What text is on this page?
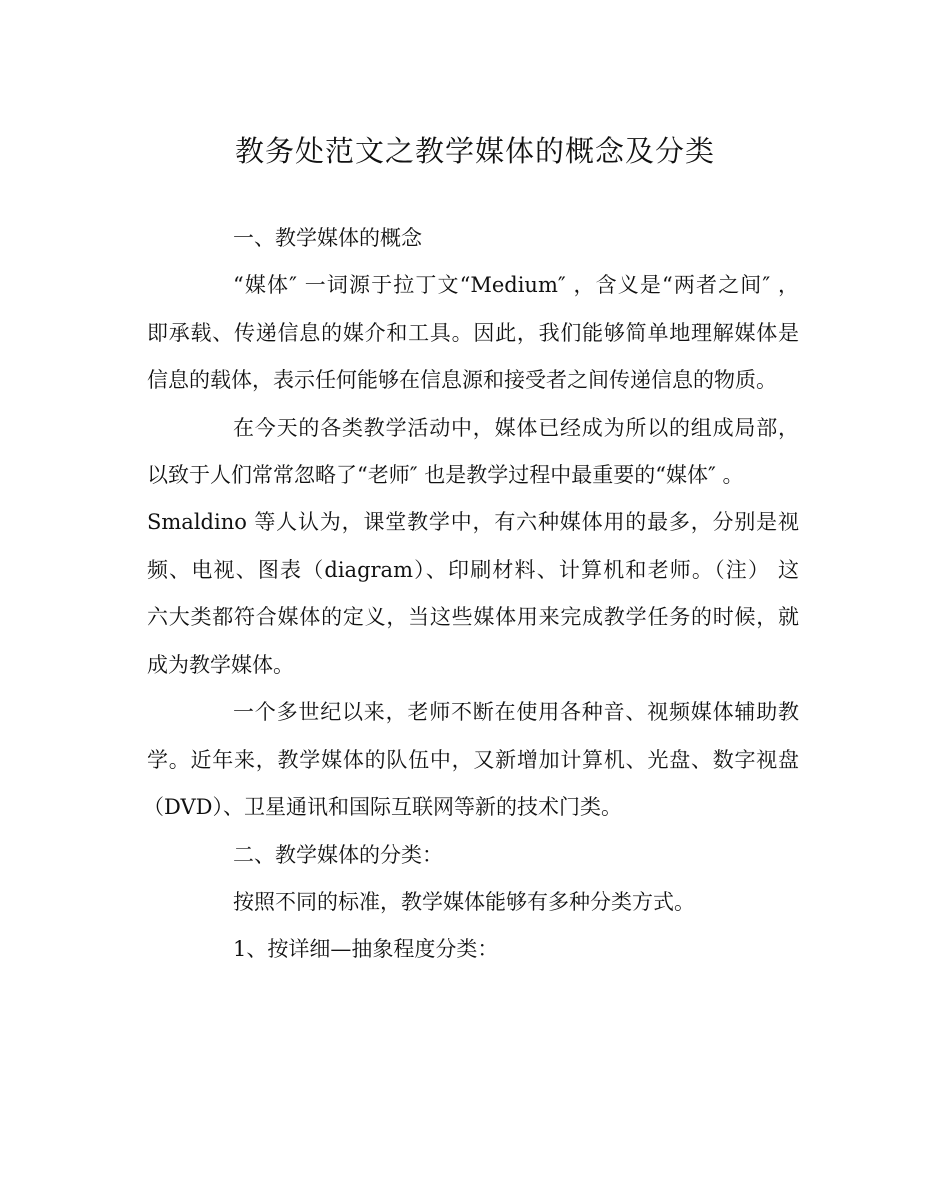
教务处范文之教学媒体的概念及分类
一、教学媒体的概念
“媒体″ 一词源于拉丁文“Medium″ ，含义是“两者之间″ ，
即承载、传递信息的媒介和工具。因此，我们能够简单地理解媒体是
信息的载体，表示任何能够在信息源和接受者之间传递信息的物质。
在今天的各类教学活动中，媒体已经成为所以的组成局部，
以致于人们常常忽略了“老师″ 也是教学过程中最重要的“媒体″ 。
Smaldino 等人认为，课堂教学中，有六种媒体用的最多，分别是视
频、电视、图表（diagram）、印刷材料、计算机和老师。（注） 这
六大类都符合媒体的定义，当这些媒体用来完成教学任务的时候，就
成为教学媒体。
一个多世纪以来，老师不断在使用各种音、视频媒体辅助教
学。近年来，教学媒体的队伍中，又新增加计算机、光盘、数字视盘
（DVD）、卫星通讯和国际互联网等新的技术门类。
二、教学媒体的分类：
按照不同的标准，教学媒体能够有多种分类方式。
1、按详细—抽象程度分类：
